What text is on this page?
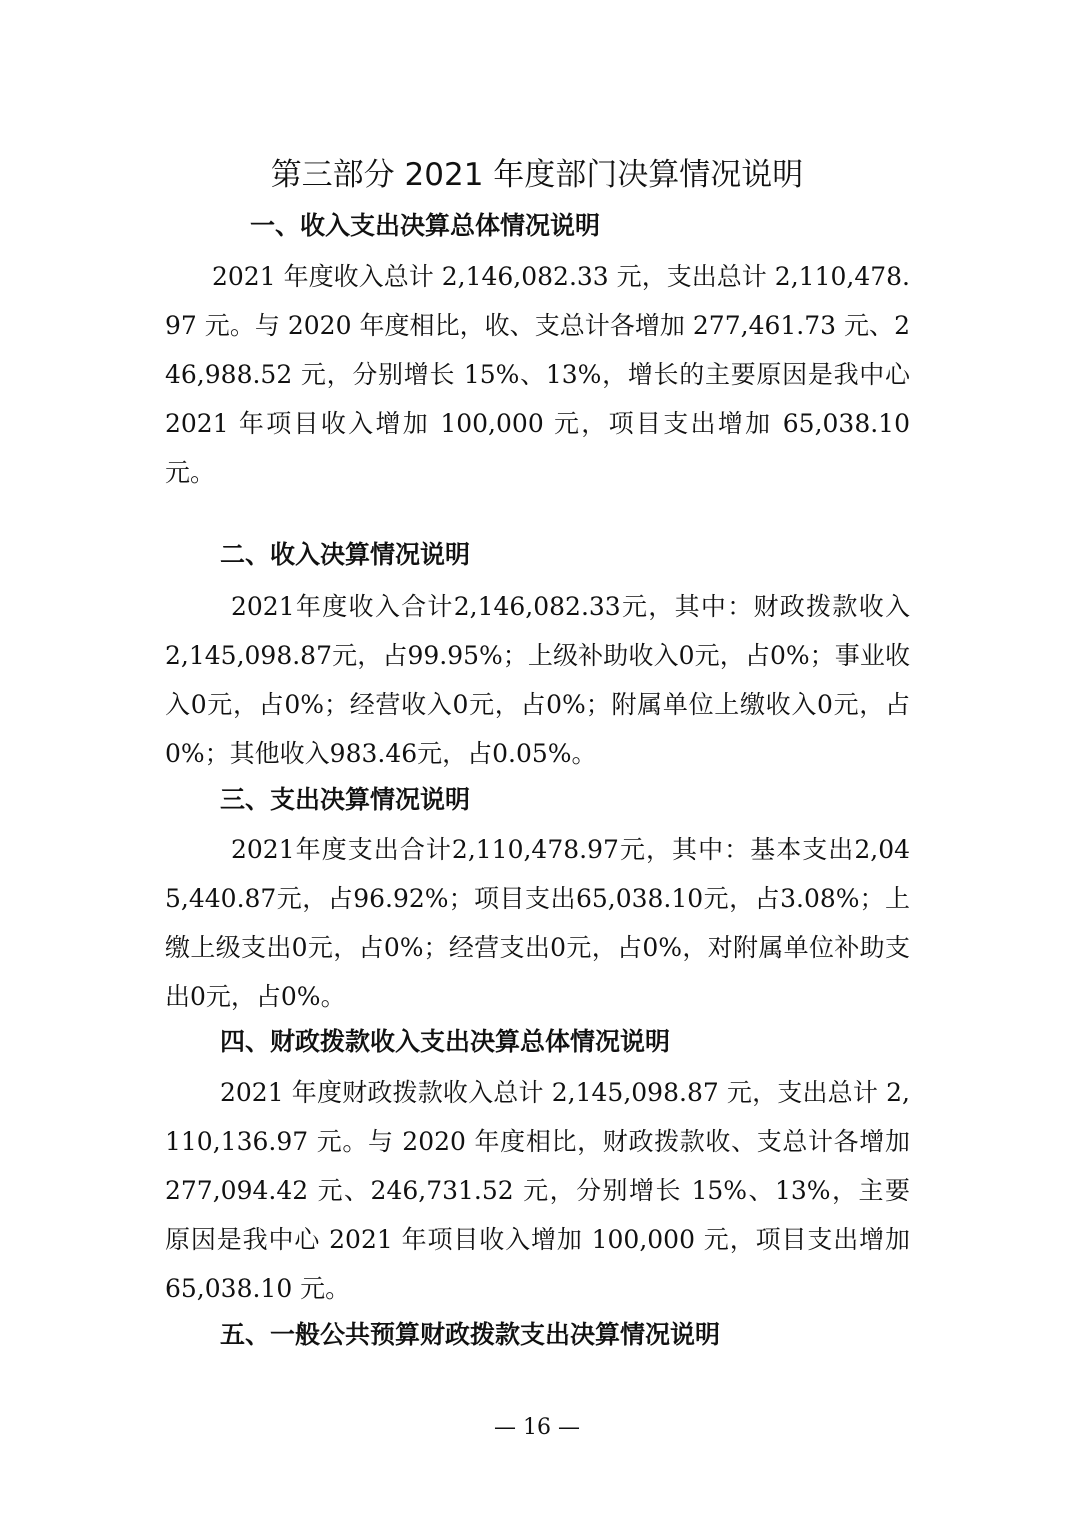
第三部分 2021 年度部门决算情况说明
一、收入支出决算总体情况说明
2021 年度收入总计 2,146,082.33 元，支出总计 2,110,478.97 元。与 2020 年度相比，收、支总计各增加 277,461.73 元、246,988.52 元，分别增长 15%、13%，增长的主要原因是我中心 2021 年项目收入增加 100,000 元，项目支出增加 65,038.10 元。
二、收入决算情况说明
2021年度收入合计2,146,082.33元，其中：财政拨款收入 2,145,098.87元，占99.95%；上级补助收入0元，占0%；事业收入0元，占0%；经营收入0元，占0%；附属单位上缴收入0元，占0%；其他收入983.46元，占0.05%。
三、支出决算情况说明
2021年度支出合计2,110,478.97元，其中：基本支出2,045,440.87元，占96.92%；项目支出65,038.10元，占3.08%；上缴上级支出0元，占0%；经营支出0元，占0%，对附属单位补助支出0元，占0%。
四、财政拨款收入支出决算总体情况说明
2021 年度财政拨款收入总计 2,145,098.87 元，支出总计 2,110,136.97 元。与 2020 年度相比，财政拨款收、支总计各增加 277,094.42 元、246,731.52 元，分别增长 15%、13%，主要原因是我中心 2021 年项目收入增加 100,000 元，项目支出增加 65,038.10 元。
五、一般公共预算财政拨款支出决算情况说明
— 16 —
